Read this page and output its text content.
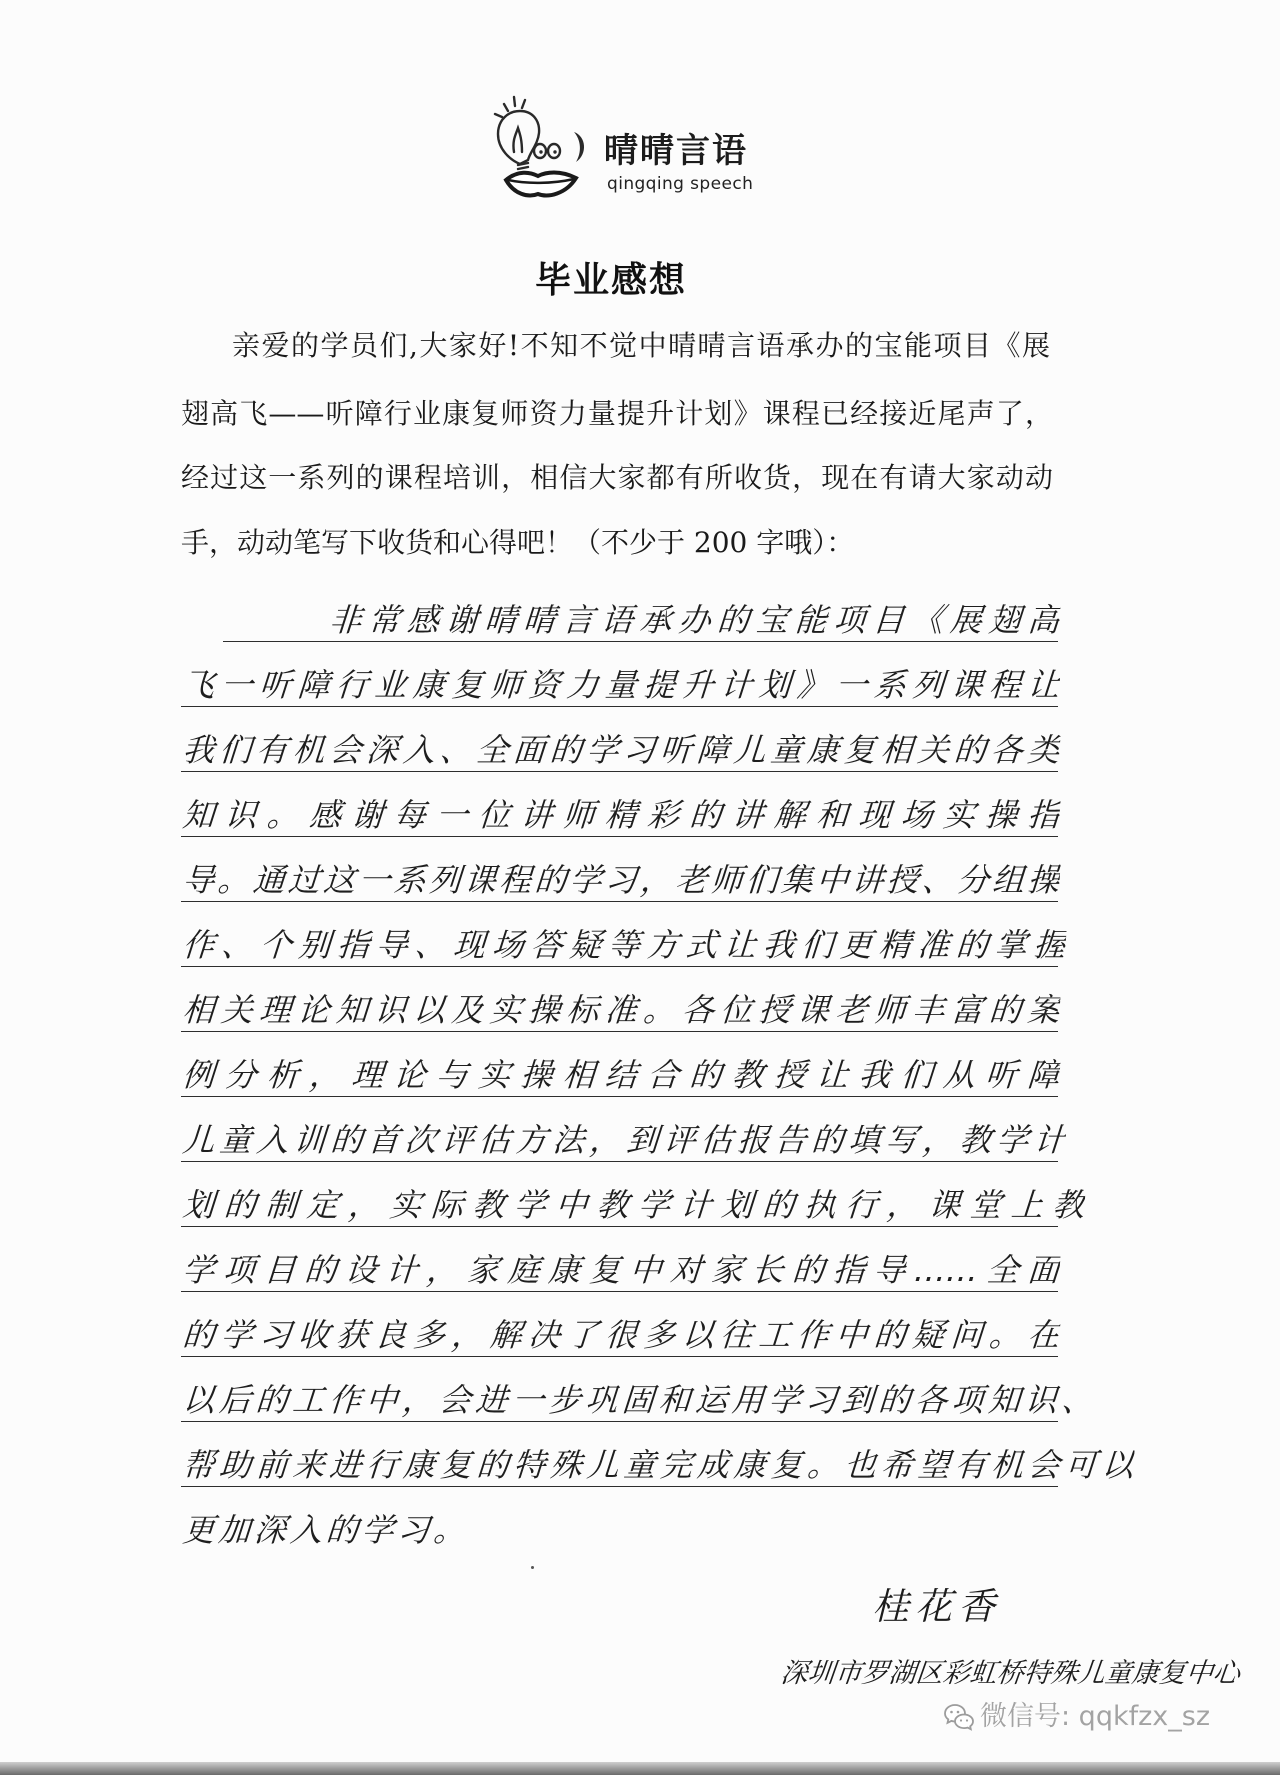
晴晴言语
qingqing speech
毕业感想
亲爱的学员们,大家好!不知不觉中晴晴言语承办的宝能项目《展
翅高飞——听障行业康复师资力量提升计划》课程已经接近尾声了，
经过这一系列的课程培训，相信大家都有所收货，现在有请大家动动
手，动动笔写下收货和心得吧！（不少于 200 字哦）：
非常感谢晴晴言语承办的宝能项目《展翅高
飞一听障行业康复师资力量提升计划》一系列课程让
我们有机会深入、全面的学习听障儿童康复相关的各类
知识。感谢每一位讲师精彩的讲解和现场实操指
导。通过这一系列课程的学习，老师们集中讲授、分组操
作、个别指导、现场答疑等方式让我们更精准的掌握
相关理论知识以及实操标准。各位授课老师丰富的案
例分析，理论与实操相结合的教授让我们从听障
儿童入训的首次评估方法，到评估报告的填写，教学计
划的制定，实际教学中教学计划的执行，课堂上教
学项目的设计，家庭康复中对家长的指导……全面
的学习收获良多，解决了很多以往工作中的疑问。在
以后的工作中，会进一步巩固和运用学习到的各项知识、
帮助前来进行康复的特殊儿童完成康复。也希望有机会可以
更加深入的学习。
桂花香
深圳市罗湖区彩虹桥特殊儿童康复中心
微信号: qqkfzx_sz
